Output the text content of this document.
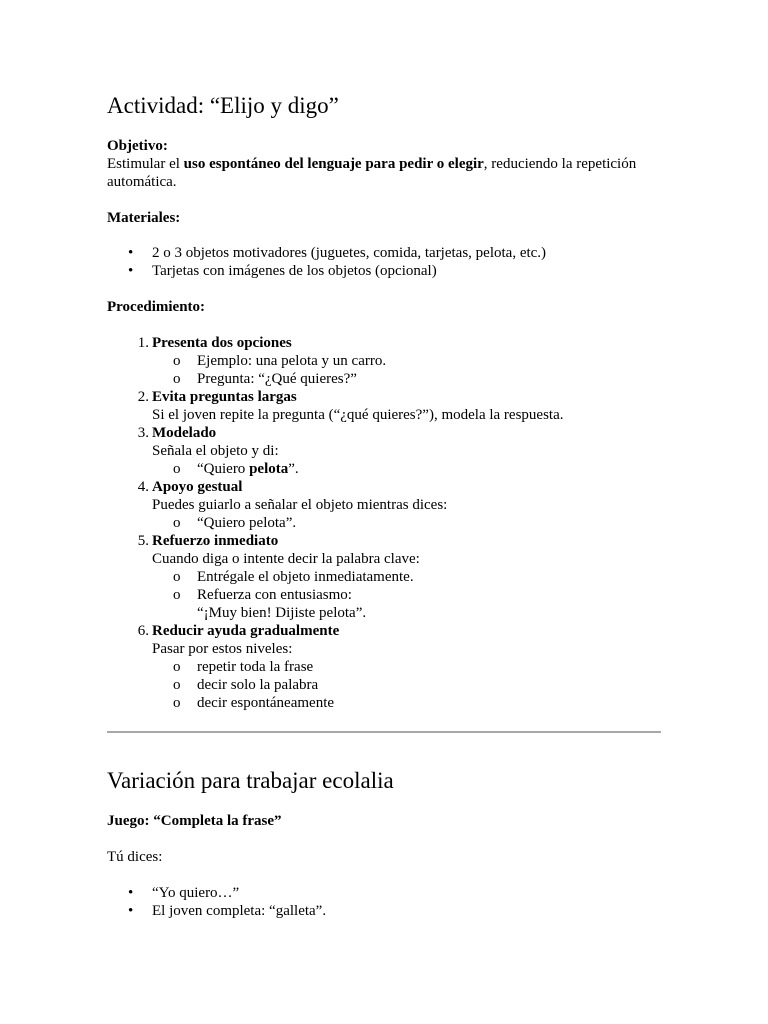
Actividad: “Elijo y digo”

Objetivo:

Estimular el uso espontáneo del lenguaje para pedir o elegir, reduciendo la repetición automática.

Materiales:

• 2 o 3 objetos motivadores (juguetes, comida, tarjetas, pelota, etc.)
• Tarjetas con imágenes de los objetos (opcional)

Procedimiento:

1. Presenta dos opciones
o Ejemplo: una pelota y un carro.
o Pregunta: “¿Qué quieres?”
2. Evita preguntas largas
Si el joven repite la pregunta (“¿qué quieres?”), modela la respuesta.
3. Modelado
Señala el objeto y di:
o “Quiero pelota”.
4. Apoyo gestual
Puedes guiarlo a señalar el objeto mientras dices:
o “Quiero pelota”.
5. Refuerzo inmediato
Cuando diga o intente decir la palabra clave:
o Entrégale el objeto inmediatamente.
o Refuerza con entusiasmo:
“¡Muy bien! Dijiste pelota”.
6. Reducir ayuda gradualmente
Pasar por estos niveles:
o repetir toda la frase
o decir solo la palabra
o decir espontáneamente
Variación para trabajar ecolalia

Juego: “Completa la frase”

Tú dices:

• “Yo quiero…”
• El joven completa: “galleta”.
